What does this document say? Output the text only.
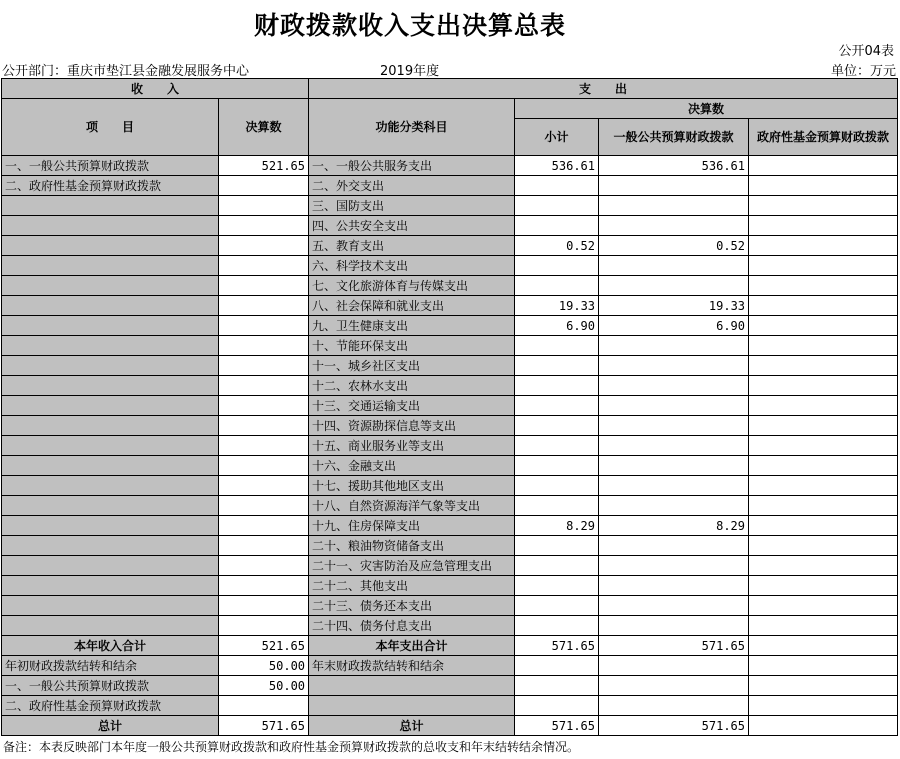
财政拨款收入支出决算总表
公开04表
公开部门：重庆市垫江县金融发展服务中心	2019年度	单位：万元
收　　入		支　　出			
项　　目	决算数	功能分类科目	决算数		
			小计	一般公共预算财政拨款	政府性基金预算财政拨款
一、一般公共预算财政拨款	521.65	一、一般公共服务支出	536.61	536.61	
二、政府性基金预算财政拨款		二、外交支出			
		三、国防支出			
		四、公共安全支出			
		五、教育支出	0.52	0.52	
		六、科学技术支出			
		七、文化旅游体育与传媒支出			
		八、社会保障和就业支出	19.33	19.33	
		九、卫生健康支出	6.90	6.90	
		十、节能环保支出			
		十一、城乡社区支出			
		十二、农林水支出			
		十三、交通运输支出			
		十四、资源勘探信息等支出			
		十五、商业服务业等支出			
		十六、金融支出			
		十七、援助其他地区支出			
		十八、自然资源海洋气象等支出			
		十九、住房保障支出	8.29	8.29	
		二十、粮油物资储备支出			
		二十一、灾害防治及应急管理支出			
		二十二、其他支出			
		二十三、债务还本支出			
		二十四、债务付息支出			
本年收入合计	521.65	本年支出合计	571.65	571.65	
年初财政拨款结转和结余	50.00	年末财政拨款结转和结余			
一、一般公共预算财政拨款	50.00				
二、政府性基金预算财政拨款					
总计	571.65	总计	571.65	571.65	
备注：本表反映部门本年度一般公共预算财政拨款和政府性基金预算财政拨款的总收支和年末结转结余情况。
